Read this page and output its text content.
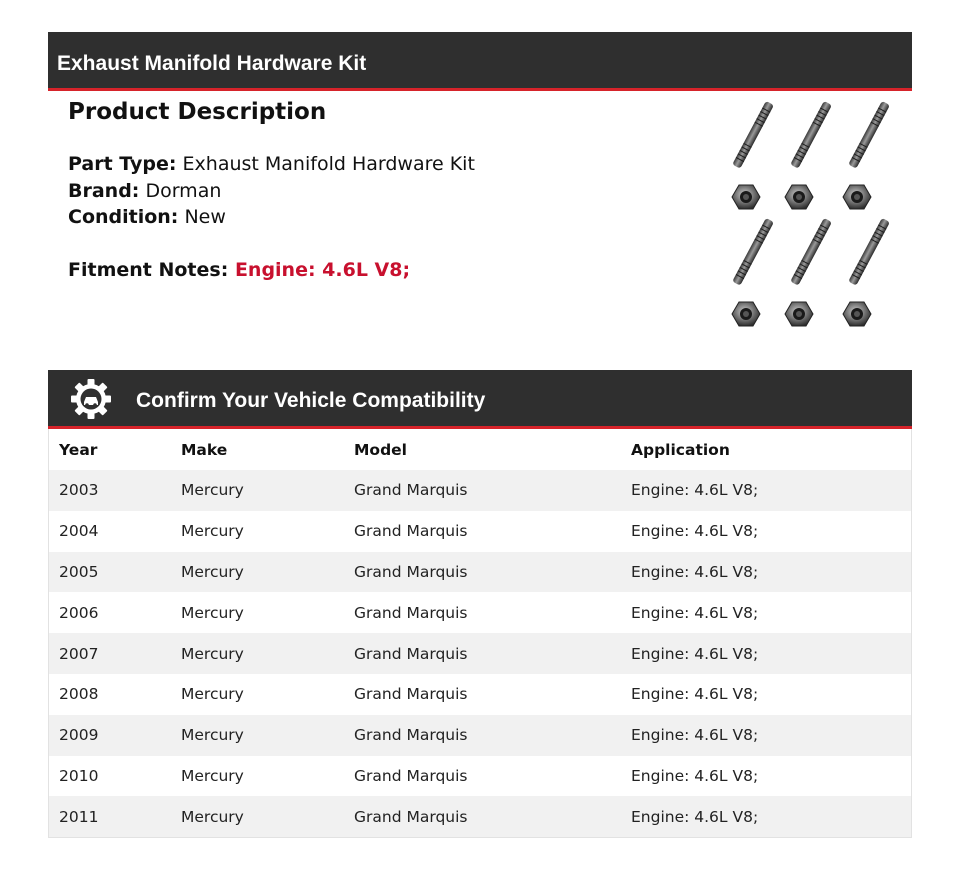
Exhaust Manifold Hardware Kit
Product Description
Part Type: Exhaust Manifold Hardware Kit
Brand: Dorman
Condition: New
Fitment Notes: Engine: 4.6L V8;
Confirm Your Vehicle Compatibility
Year	Make	Model	Application
2003	Mercury	Grand Marquis	Engine: 4.6L V8;
2004	Mercury	Grand Marquis	Engine: 4.6L V8;
2005	Mercury	Grand Marquis	Engine: 4.6L V8;
2006	Mercury	Grand Marquis	Engine: 4.6L V8;
2007	Mercury	Grand Marquis	Engine: 4.6L V8;
2008	Mercury	Grand Marquis	Engine: 4.6L V8;
2009	Mercury	Grand Marquis	Engine: 4.6L V8;
2010	Mercury	Grand Marquis	Engine: 4.6L V8;
2011	Mercury	Grand Marquis	Engine: 4.6L V8;
